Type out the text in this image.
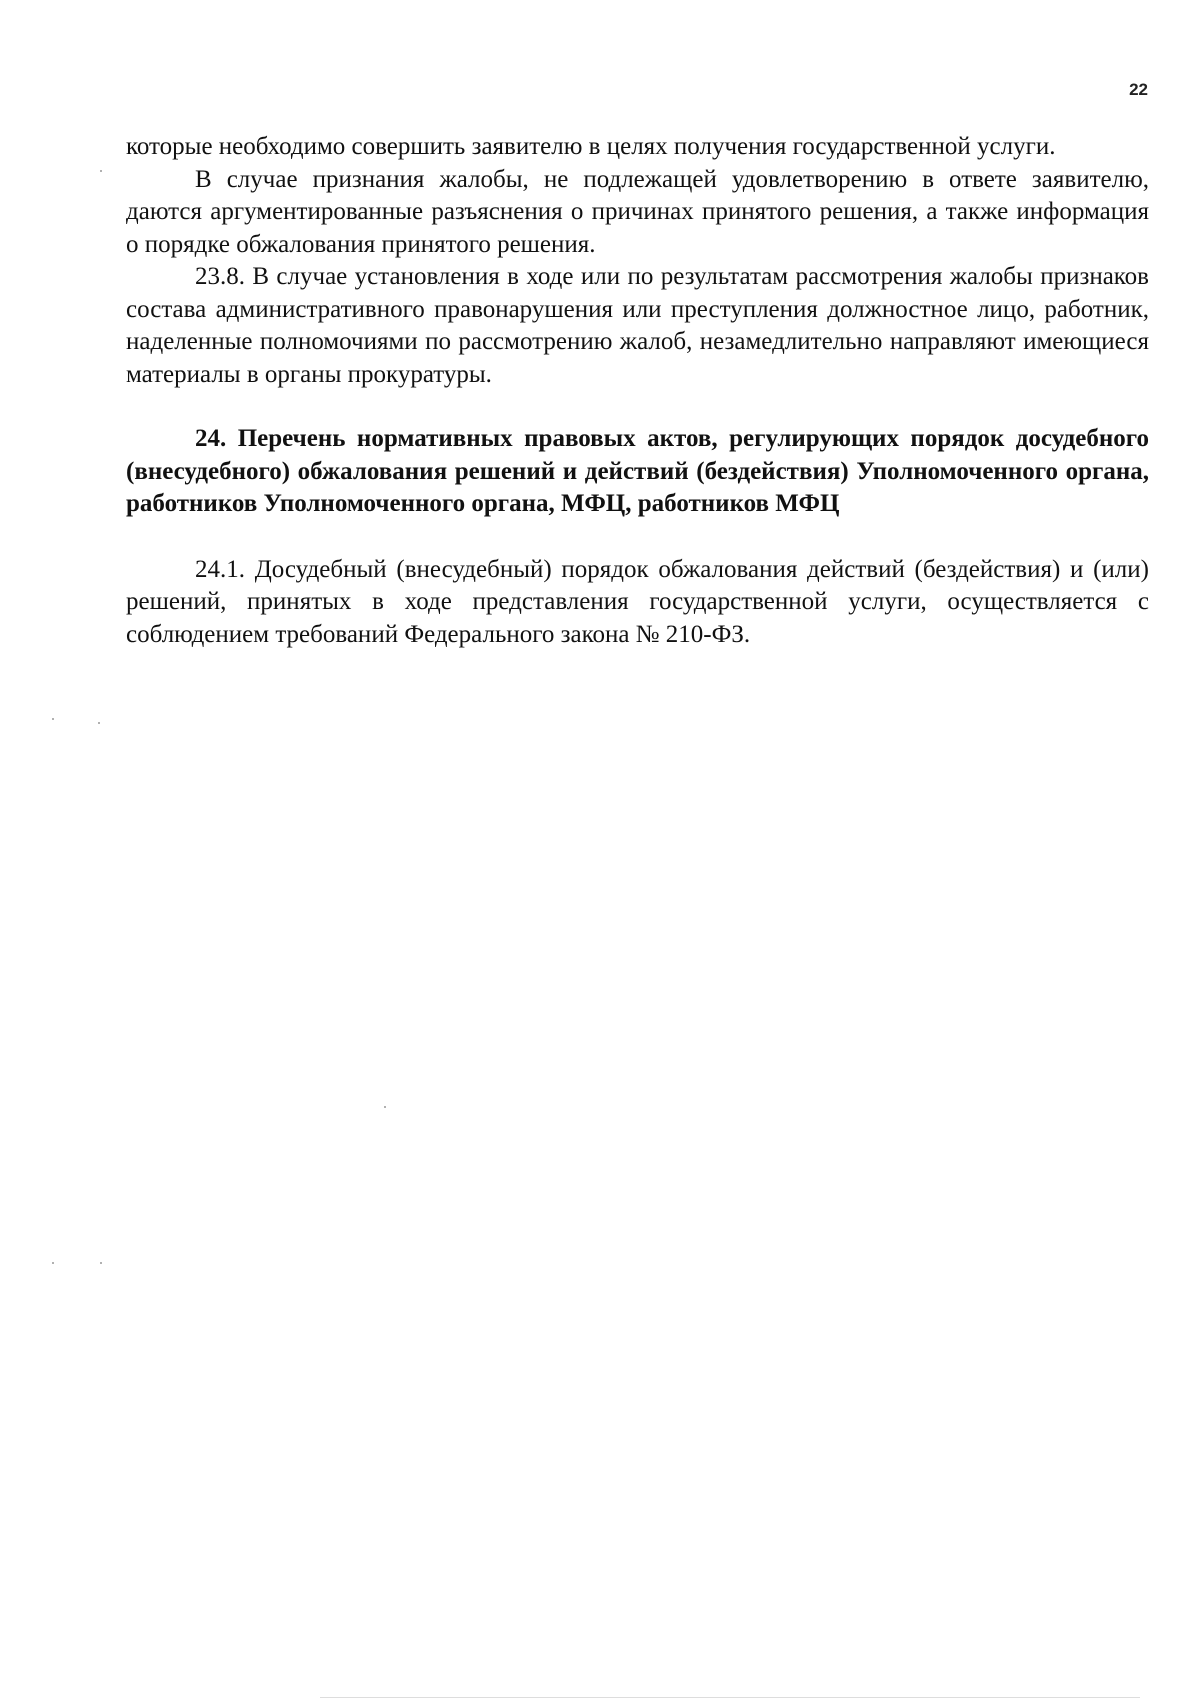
22

которые необходимо совершить заявителю в целях получения государственной услуги.

В случае признания жалобы, не подлежащей удовлетворению в ответе заявителю, даются аргументированные разъяснения о причинах принятого решения, а также информация о порядке обжалования принятого решения.

23.8. В случае установления в ходе или по результатам рассмотрения жалобы признаков состава административного правонарушения или преступления должностное лицо, работник, наделенные полномочиями по рассмотрению жалоб, незамедлительно направляют имеющиеся материалы в органы прокуратуры.

24. Перечень нормативных правовых актов, регулирующих порядок досудебного (внесудебного) обжалования решений и действий (бездействия) Уполномоченного органа, работников Уполномоченного органа, МФЦ, работников МФЦ

24.1. Досудебный (внесудебный) порядок обжалования действий (бездействия) и (или) решений, принятых в ходе представления государственной услуги, осуществляется с соблюдением требований Федерального закона № 210-ФЗ.
